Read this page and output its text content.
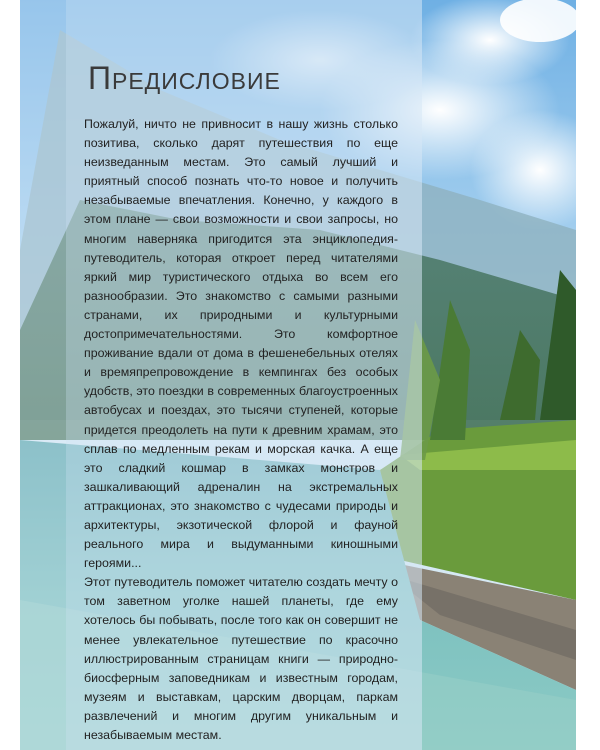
ПРЕДИСЛОВИЕ

Пожалуй, ничто не привносит в нашу жизнь столько позитива, сколько дарят путешествия по еще неизведанным местам. Это самый лучший и приятный способ познать что-то новое и получить незабываемые впечатления. Конечно, у каждого в этом плане — свои возможности и свои запросы, но многим наверняка пригодится эта энциклопедия-путеводитель, которая откроет перед читателями яркий мир туристического отдыха во всем его разнообразии. Это знакомство с самыми разными странами, их природными и культурными достопримечательностями. Это комфортное проживание вдали от дома в фешенебельных отелях и времяпрепровождение в кемпингах без особых удобств, это поездки в современных благоустроенных автобусах и поездах, это тысячи ступеней, которые придется преодолеть на пути к древним храмам, это сплав по медленным рекам и морская качка. А еще это сладкий кошмар в замках монстров и зашкаливающий адреналин на экстремальных аттракционах, это знакомство с чудесами природы и архитектуры, экзотической флорой и фауной реального мира и выдуманными киношными героями...

Этот путеводитель поможет читателю создать мечту о том заветном уголке нашей планеты, где ему хотелось бы побывать, после того как он совершит не менее увлекательное путешествие по красочно иллюстрированным страницам книги — природно-биосферным заповедникам и известным городам, музеям и выставкам, царским дворцам, паркам развлечений и многим другим уникальным и незабываемым местам.
